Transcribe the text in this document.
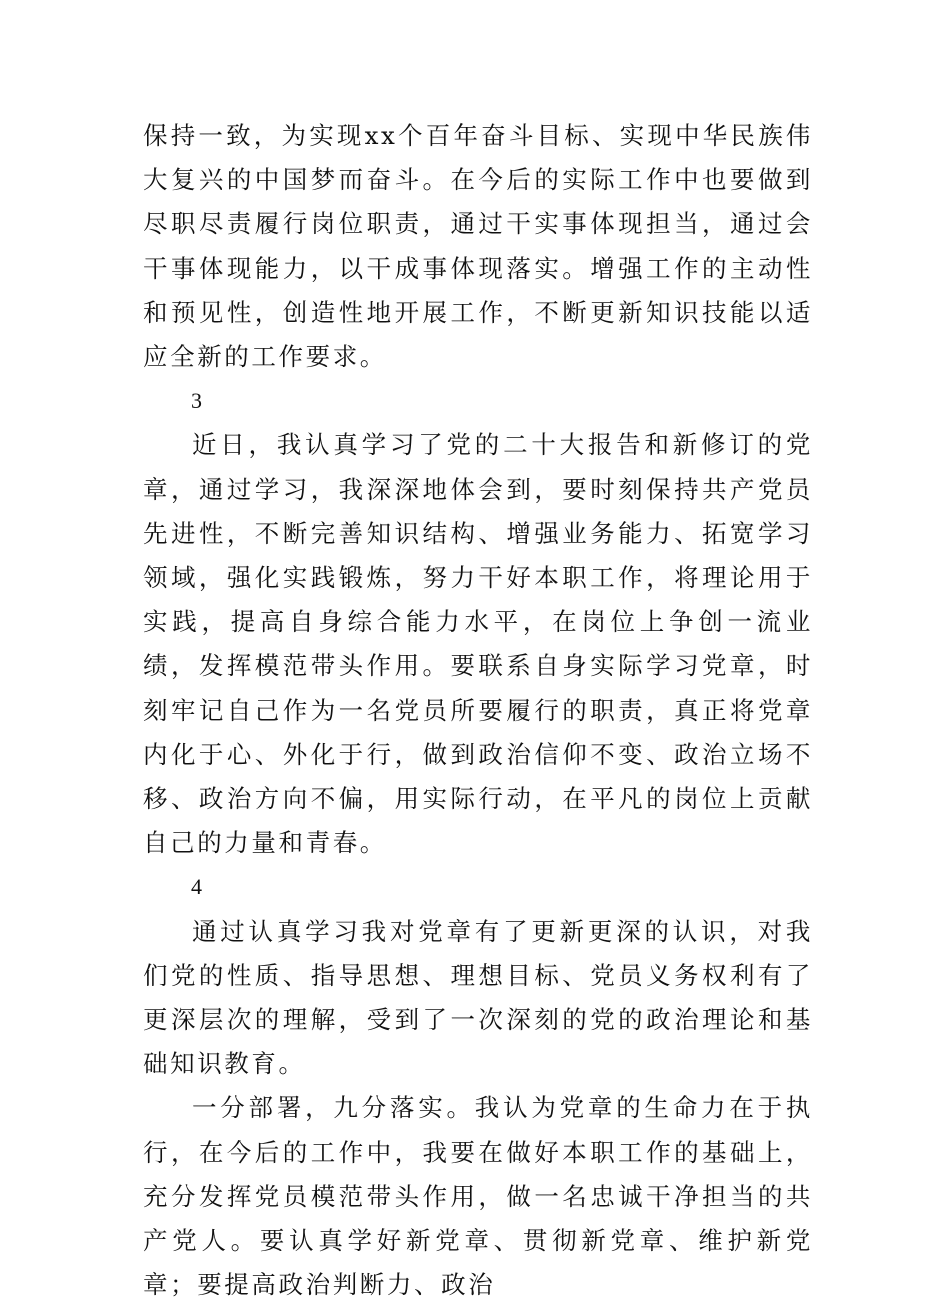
保持一致，为实现xx个百年奋斗目标、实现中华民族伟大复兴的中国梦而奋斗。在今后的实际工作中也要做到尽职尽责履行岗位职责，通过干实事体现担当，通过会干事体现能力，以干成事体现落实。增强工作的主动性和预见性，创造性地开展工作，不断更新知识技能以适应全新的工作要求。

3

近日，我认真学习了党的二十大报告和新修订的党章，通过学习，我深深地体会到，要时刻保持共产党员先进性，不断完善知识结构、增强业务能力、拓宽学习领域，强化实践锻炼，努力干好本职工作，将理论用于实践，提高自身综合能力水平，在岗位上争创一流业绩，发挥模范带头作用。要联系自身实际学习党章，时刻牢记自己作为一名党员所要履行的职责，真正将党章内化于心、外化于行，做到政治信仰不变、政治立场不移、政治方向不偏，用实际行动，在平凡的岗位上贡献自己的力量和青春。

4

通过认真学习我对党章有了更新更深的认识，对我们党的性质、指导思想、理想目标、党员义务权利有了更深层次的理解，受到了一次深刻的党的政治理论和基础知识教育。

一分部署，九分落实。我认为党章的生命力在于执行，在今后的工作中，我要在做好本职工作的基础上，充分发挥党员模范带头作用，做一名忠诚干净担当的共产党人。要认真学好新党章、贯彻新党章、维护新党章；要提高政治判断力、政治
